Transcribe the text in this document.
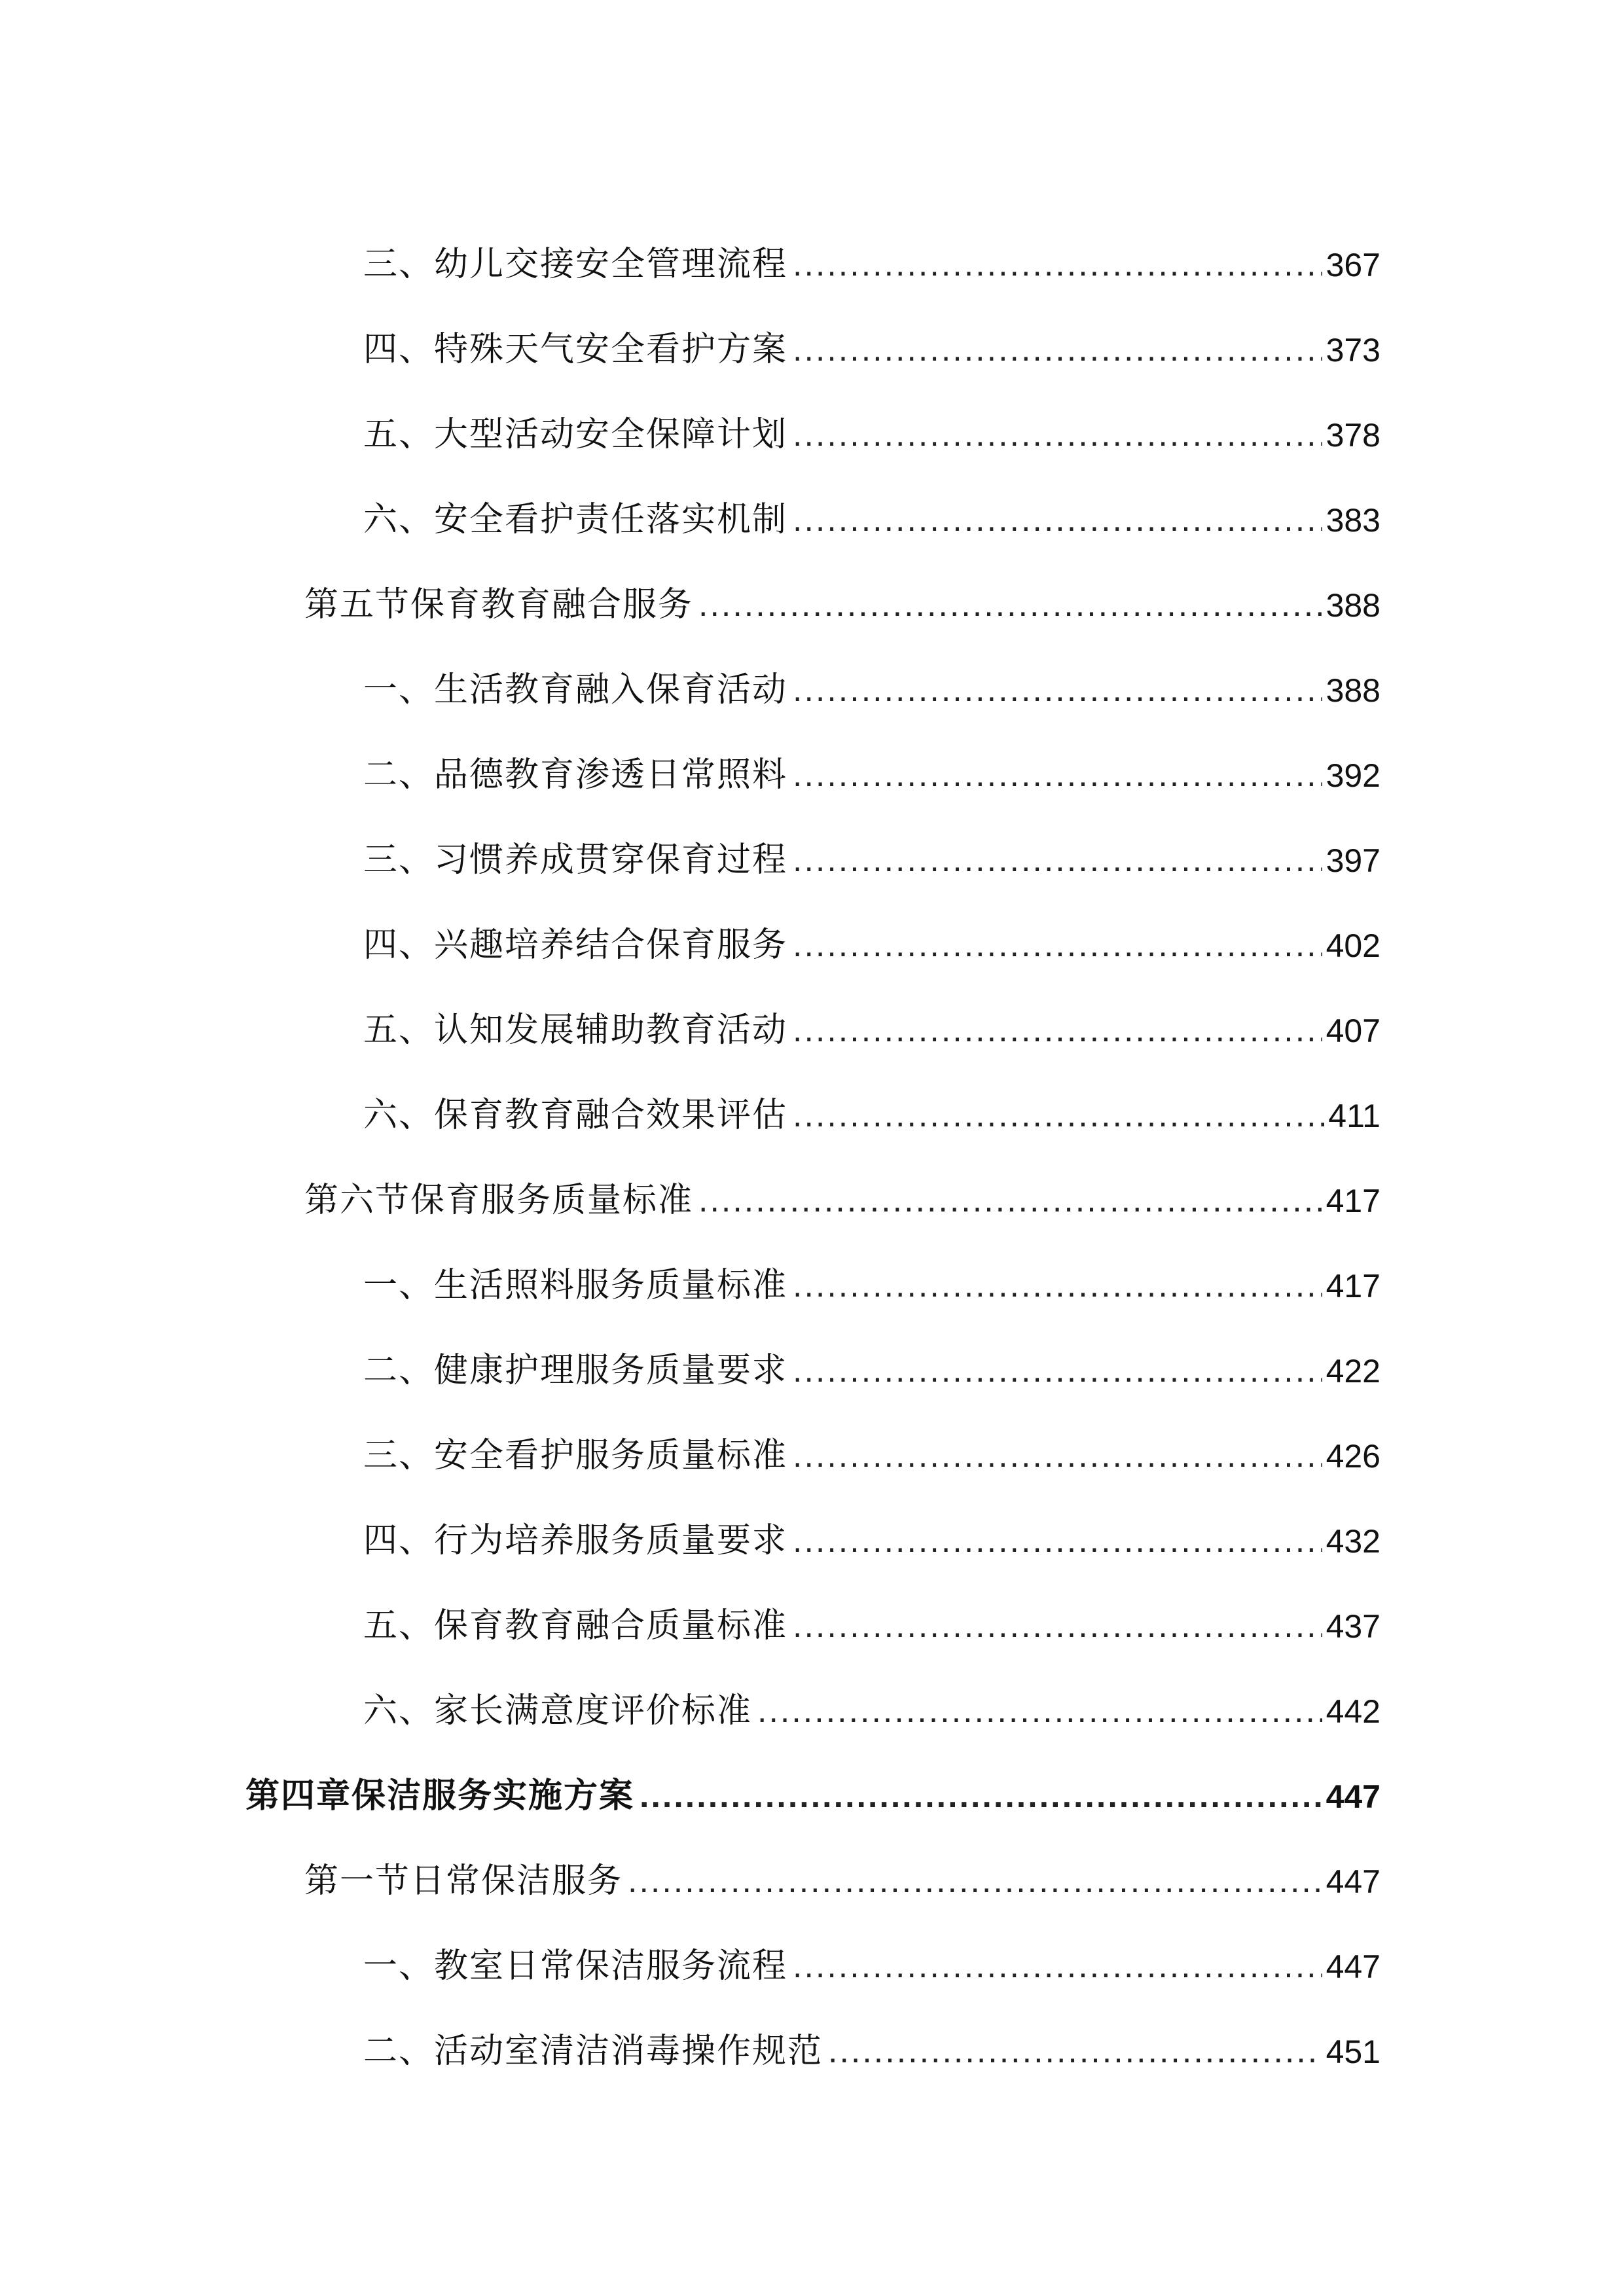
三、幼儿交接安全管理流程 .....	367
四、特殊天气安全看护方案 .....	373
五、大型活动安全保障计划 .....	378
六、安全看护责任落实机制 .....	383
第五节保育教育融合服务 .....	388
一、生活教育融入保育活动 .....	388
二、品德教育渗透日常照料 .....	392
三、习惯养成贯穿保育过程 .....	397
四、兴趣培养结合保育服务 .....	402
五、认知发展辅助教育活动 .....	407
六、保育教育融合效果评估 .....	411
第六节保育服务质量标准 .....	417
一、生活照料服务质量标准 .....	417
二、健康护理服务质量要求 .....	422
三、安全看护服务质量标准 .....	426
四、行为培养服务质量要求 .....	432
五、保育教育融合质量标准 .....	437
六、家长满意度评价标准 .....	442
第四章保洁服务实施方案 .....	447
第一节日常保洁服务 .....	447
一、教室日常保洁服务流程 .....	447
二、活动室清洁消毒操作规范 .....	451
